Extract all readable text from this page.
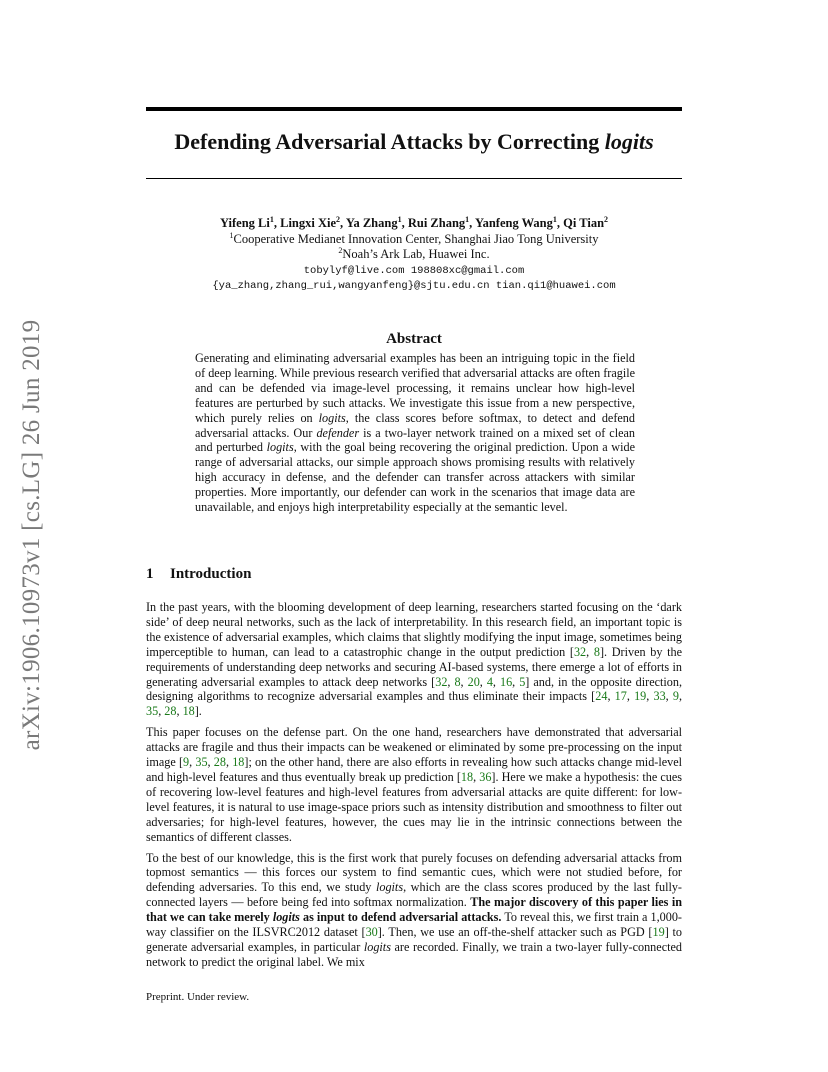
arXiv:1906.10973v1 [cs.LG] 26 Jun 2019
Defending Adversarial Attacks by Correcting logits
Yifeng Li$^1$, Lingxi Xie$^2$, Ya Zhang$^1$, Rui Zhang$^1$, Yanfeng Wang$^1$, Qi Tian$^2$
$^1$Cooperative Medianet Innovation Center, Shanghai Jiao Tong University
$^2$Noah’s Ark Lab, Huawei Inc.
tobylyf@live.com 198808xc@gmail.com
{ya_zhang,zhang_rui,wangyanfeng}@sjtu.edu.cn tian.qi1@huawei.com
Abstract

Generating and eliminating adversarial examples has been an intriguing topic in the field of deep learning. While previous research verified that adversarial attacks are often fragile and can be defended via image-level processing, it remains unclear how high-level features are perturbed by such attacks. We investigate this issue from a new perspective, which purely relies on logits, the class scores before softmax, to detect and defend adversarial attacks. Our defender is a two-layer network trained on a mixed set of clean and perturbed logits, with the goal being recovering the original prediction. Upon a wide range of adversarial attacks, our simple approach shows promising results with relatively high accuracy in defense, and the defender can transfer across attackers with similar properties. More importantly, our defender can work in the scenarios that image data are unavailable, and enjoys high interpretability especially at the semantic level.

1 Introduction

In the past years, with the blooming development of deep learning, researchers started focusing on the ‘dark side’ of deep neural networks, such as the lack of interpretability. In this research field, an important topic is the existence of adversarial examples, which claims that slightly modifying the input image, sometimes being imperceptible to human, can lead to a catastrophic change in the output prediction [32, 8]. Driven by the requirements of understanding deep networks and securing AI-based systems, there emerge a lot of efforts in generating adversarial examples to attack deep networks [32, 8, 20, 4, 16, 5] and, in the opposite direction, designing algorithms to recognize adversarial examples and thus eliminate their impacts [24, 17, 19, 33, 9, 35, 28, 18].

This paper focuses on the defense part. On the one hand, researchers have demonstrated that adversarial attacks are fragile and thus their impacts can be weakened or eliminated by some pre-processing on the input image [9, 35, 28, 18]; on the other hand, there are also efforts in revealing how such attacks change mid-level and high-level features and thus eventually break up prediction [18, 36]. Here we make a hypothesis: the cues of recovering low-level features and high-level features from adversarial attacks are quite different: for low-level features, it is natural to use image-space priors such as intensity distribution and smoothness to filter out adversaries; for high-level features, however, the cues may lie in the intrinsic connections between the semantics of different classes.

To the best of our knowledge, this is the first work that purely focuses on defending adversarial attacks from topmost semantics — this forces our system to find semantic cues, which were not studied before, for defending adversaries. To this end, we study logits, which are the class scores produced by the last fully-connected layers — before being fed into softmax normalization. The major discovery of this paper lies in that we can take merely logits as input to defend adversarial attacks. To reveal this, we first train a 1,000-way classifier on the ILSVRC2012 dataset [30]. Then, we use an off-the-shelf attacker such as PGD [19] to generate adversarial examples, in particular logits are recorded. Finally, we train a two-layer fully-connected network to predict the original label. We mix

Preprint. Under review.
